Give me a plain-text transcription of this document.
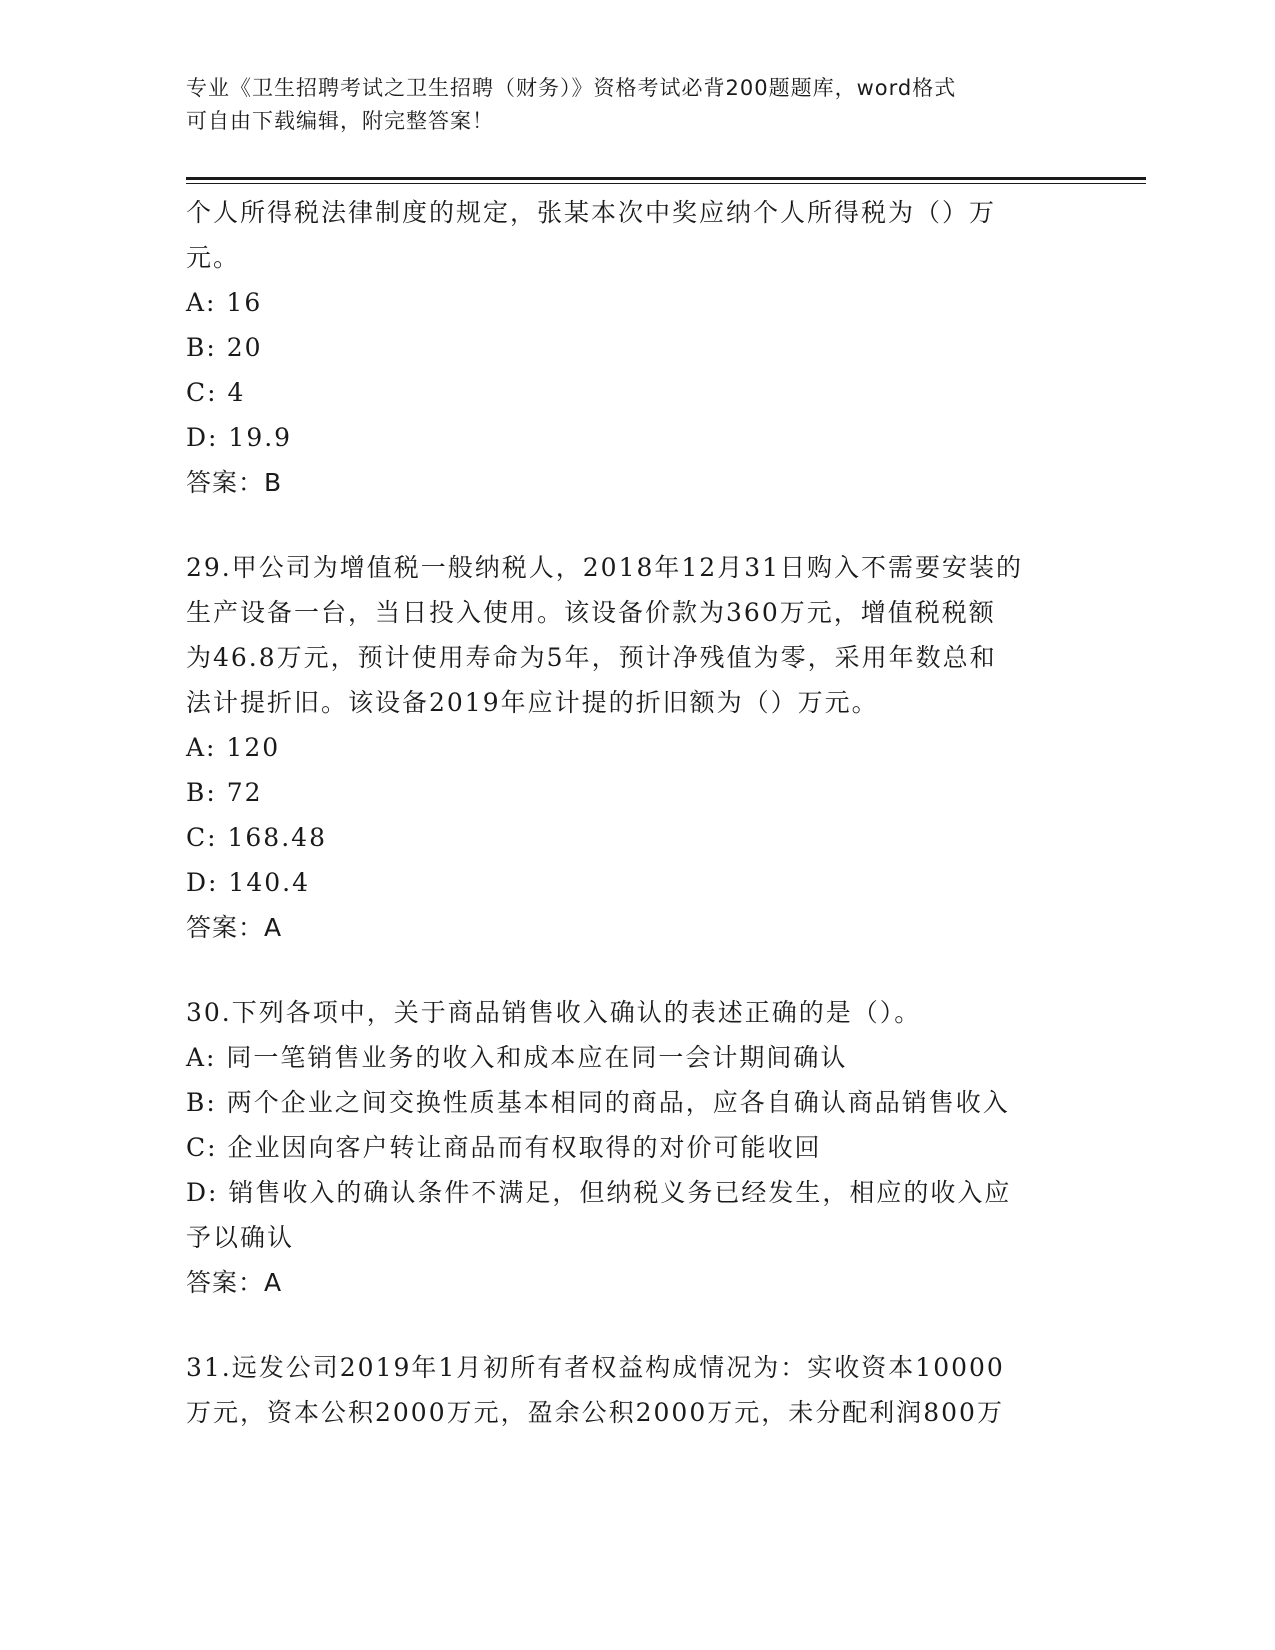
专业《卫生招聘考试之卫生招聘（财务）》资格考试必背200题题库，word格式
可自由下载编辑，附完整答案！
个人所得税法律制度的规定，张某本次中奖应纳个人所得税为（）万
元。
A: 16
B: 20
C: 4
D: 19.9
答案：B
29.甲公司为增值税一般纳税人，2018年12月31日购入不需要安装的
生产设备一台，当日投入使用。该设备价款为360万元，增值税税额
为46.8万元，预计使用寿命为5年，预计净残值为零，采用年数总和
法计提折旧。该设备2019年应计提的折旧额为（）万元。
A: 120
B: 72
C: 168.48
D: 140.4
答案：A
30.下列各项中，关于商品销售收入确认的表述正确的是（）。
A: 同一笔销售业务的收入和成本应在同一会计期间确认
B: 两个企业之间交换性质基本相同的商品，应各自确认商品销售收入
C: 企业因向客户转让商品而有权取得的对价可能收回
D: 销售收入的确认条件不满足，但纳税义务已经发生，相应的收入应
予以确认
答案：A
31.远发公司2019年1月初所有者权益构成情况为：实收资本10000
万元，资本公积2000万元，盈余公积2000万元，未分配利润800万
